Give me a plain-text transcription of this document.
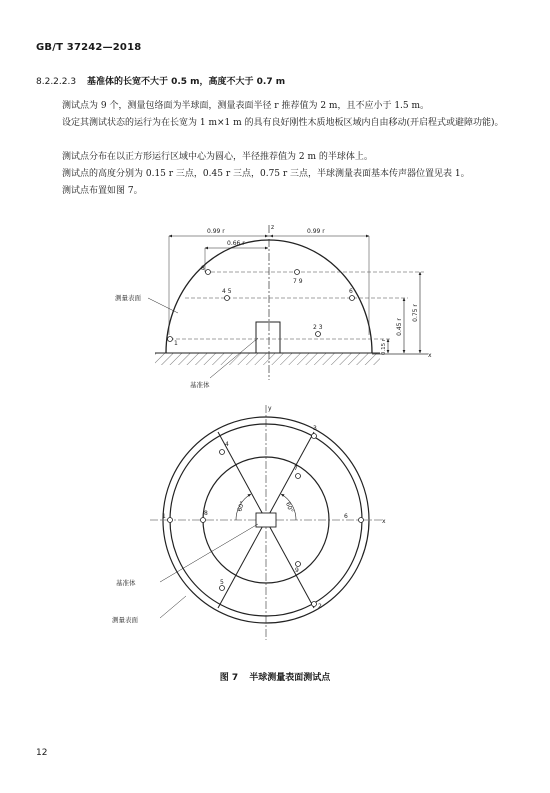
GB/T 37242—2018
8.2.2.2.3 基准体的长宽不大于 0.5 m，高度不大于 0.7 m
测试点为 9 个，测量包络面为半球面，测量表面半径 r 推荐值为 2 m，且不应小于 1.5 m。
设定其测试状态的运行为在长宽为 1 m×1 m 的具有良好刚性木质地板区域内自由移动(开启程式或避障功能)。
测试点分布在以正方形运行区域中心为圆心，半径推荐值为 2 m 的半球体上。
测试点的高度分别为 0.15 r 三点，0.45 r 三点，0.75 r 三点，半球测量表面基本传声器位置见表 1。
测试点布置如图 7。
z
x
0.99 r	0.99 r
0.66 r
0.15 r
0.45 r
0.75 r
8
7 9
4 5	6
1
2 3
测量表面
基准体
y
x
60°	60°
1
2
3
4
5
6
7
8
9
基准体
测量表面
图 7 半球测量表面测试点
12
